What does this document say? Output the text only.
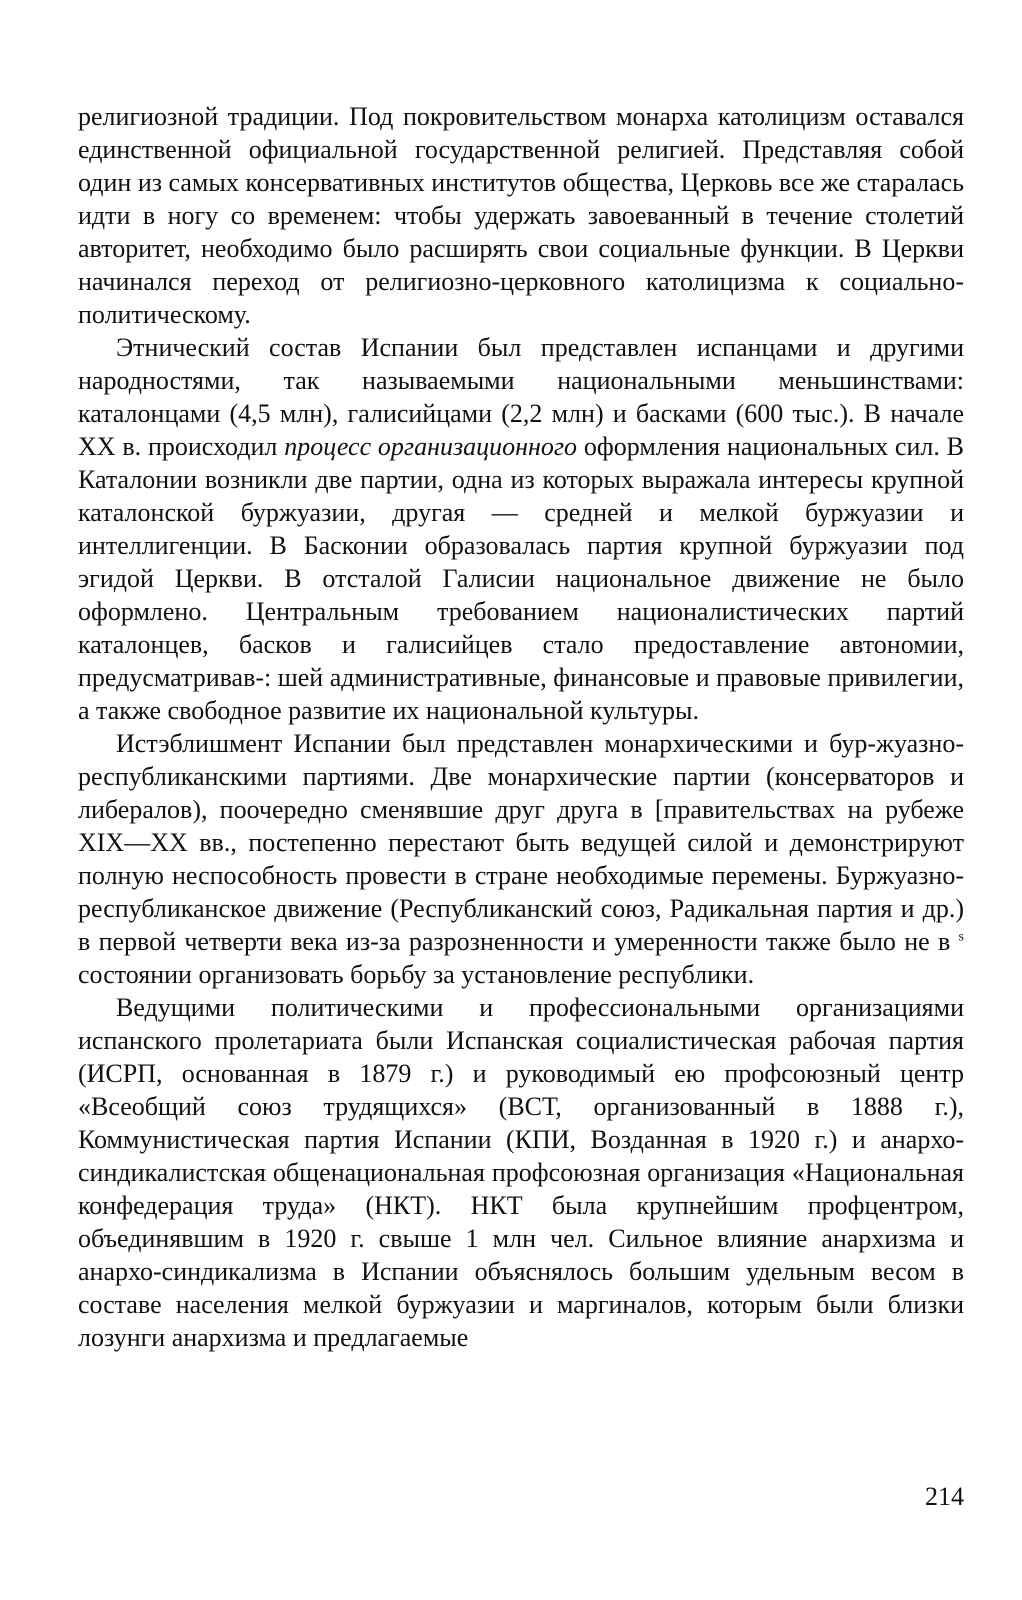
религиозной традиции. Под покровительством монарха католицизм оставался единственной официальной государственной религией. Представляя собой один из самых консервативных институтов общества, Церковь все же старалась идти в ногу со временем: чтобы удержать завоеванный в течение столетий авторитет, необходимо было расширять свои социальные функции. В Церкви начинался переход от религиозно-церковного католицизма к социально-политическому.

Этнический состав Испании был представлен испанцами и другими народностями, так называемыми национальными меньшинствами: каталонцами (4,5 млн), галисийцами (2,2 млн) и басками (600 тыс.). В начале XX в. происходил процесс организационного оформления национальных сил. В Каталонии возникли две партии, одна из которых выражала интересы крупной каталонской буржуазии, другая — средней и мелкой буржуазии и интеллигенции. В Басконии образовалась партия крупной буржуазии под эгидой Церкви. В отсталой Галисии национальное движение не было оформлено. Центральным требованием националистических партий каталонцев, басков и галисийцев стало предоставление автономии, предусматривав-: шей административные, финансовые и правовые привилегии, а также свободное развитие их национальной культуры.

Истэблишмент Испании был представлен монархическими и бур-жуазно-республиканскими партиями. Две монархические партии (консерваторов и либералов), поочередно сменявшие друг друга в [правительствах на рубеже XIX—XX вв., постепенно перестают быть ведущей силой и демонстрируют полную неспособность провести в стране необходимые перемены. Буржуазно-республиканское движение (Республиканский союз, Радикальная партия и др.) в первой четверти века из-за разрозненности и умеренности также было не в $^s$ состоянии организовать борьбу за установление республики.

Ведущими политическими и профессиональными организациями испанского пролетариата были Испанская социалистическая рабочая партия (ИСРП, основанная в 1879 г.) и руководимый ею профсоюзный центр «Всеобщий союз трудящихся» (ВСТ, организованный в 1888 г.), Коммунистическая партия Испании (КПИ, Возданная в 1920 г.) и анархо-синдикалистская общенациональная профсоюзная организация «Национальная конфедерация труда» (НКТ). НКТ была крупнейшим профцентром, объединявшим в 1920 г. свыше 1 млн чел. Сильное влияние анархизма и анархо-синдикализма в Испании объяснялось большим удельным весом в составе населения мелкой буржуазии и маргиналов, которым были близки лозунги анархизма и предлагаемые

214
